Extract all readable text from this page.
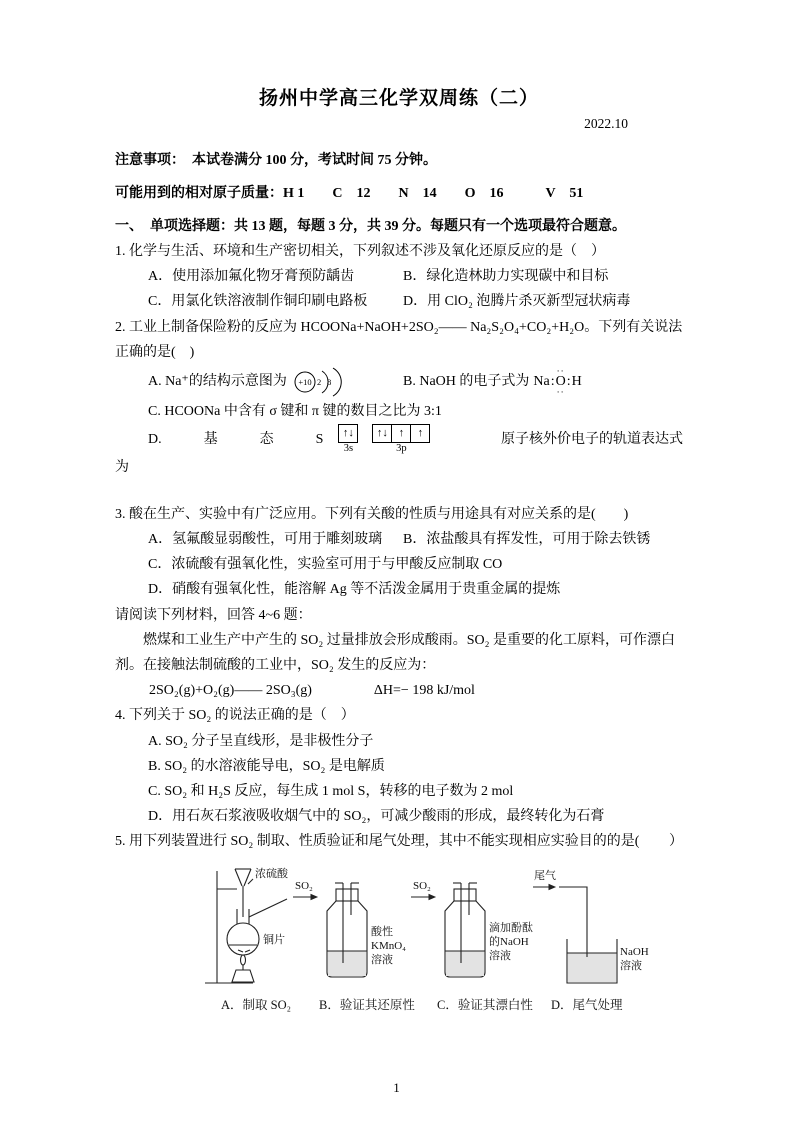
扬州中学高三化学双周练（二）
2022.10

注意事项：　本试卷满分 100 分，考试时间 75 分钟。

可能用到的相对原子质量：H 1　　C　12　　N　14　　O　16　　　V　51

一、　单项选择题：共 13 题，每题 3 分，共 39 分。每题只有一个选项最符合题意。

1. 化学与生活、环境和生产密切相关，下列叙述不涉及氧化还原反应的是（　）

A．使用添加氟化物牙膏预防龋齿	B．绿化造林助力实现碳中和目标
C．用氯化铁溶液制作铜印刷电路板	D．用 ClO₂ 泡腾片杀灭新型冠状病毒

2. 工业上制备保险粉的反应为 HCOONa+NaOH+2SO₂—— Na₂S₂O₄+CO₂+H₂O。下列有关说法正确的是(　)

A. Na⁺的结构示意图为 +10 2 8	B. NaOH 的电子式为 Na :
··
O
··
: H

C. HCOONa 中含有 σ 键和 π 键的数目之比为 3:1

D.　　　基　　　态　　　S	↑↓
3s
↑↓ ↑	↑
3p
原子核外价电子的轨道表达式

为

3. 酸在生产、实验中有广泛应用。下列有关酸的性质与用途具有对应关系的是(　　)

A．氢氟酸显弱酸性，可用于雕刻玻璃	B．浓盐酸具有挥发性，可用于除去铁锈

C．浓硫酸有强氧化性，实验室可用于与甲酸反应制取 CO

D．硝酸有强氧化性，能溶解 Ag 等不活泼金属用于贵重金属的提炼

请阅读下列材料，回答 4~6 题：

燃煤和工业生产中产生的 SO₂ 过量排放会形成酸雨。SO₂ 是重要的化工原料，可作漂白剂。在接触法制硫酸的工业中，SO₂ 发生的反应为：

2SO₂(g)+O₂(g)—— 2SO₃(g)	ΔH=− 198 kJ/mol

4. 下列关于 SO₂ 的说法正确的是（　）

A. SO₂ 分子呈直线形，是非极性分子

B. SO₂ 的水溶液能导电，SO₂ 是电解质

C. SO₂ 和 H₂S 反应，每生成 1 mol S，转移的电子数为 2 mol

D．用石灰石浆液吸收烟气中的 SO₂，可减少酸雨的形成，最终转化为石膏

5. 用下列装置进行 SO₂ 制取、性质验证和尾气处理，其中不能实现相应实验目的的是( ）
浓硫酸
铜片
SO₂
酸性
KMnO₄
溶液
SO₂
滴加酚酞
的NaOH
溶液
尾气
NaOH
溶液
A．制取 SO₂ B．验证其还原性 C．验证其漂白性 D．尾气处理
1
